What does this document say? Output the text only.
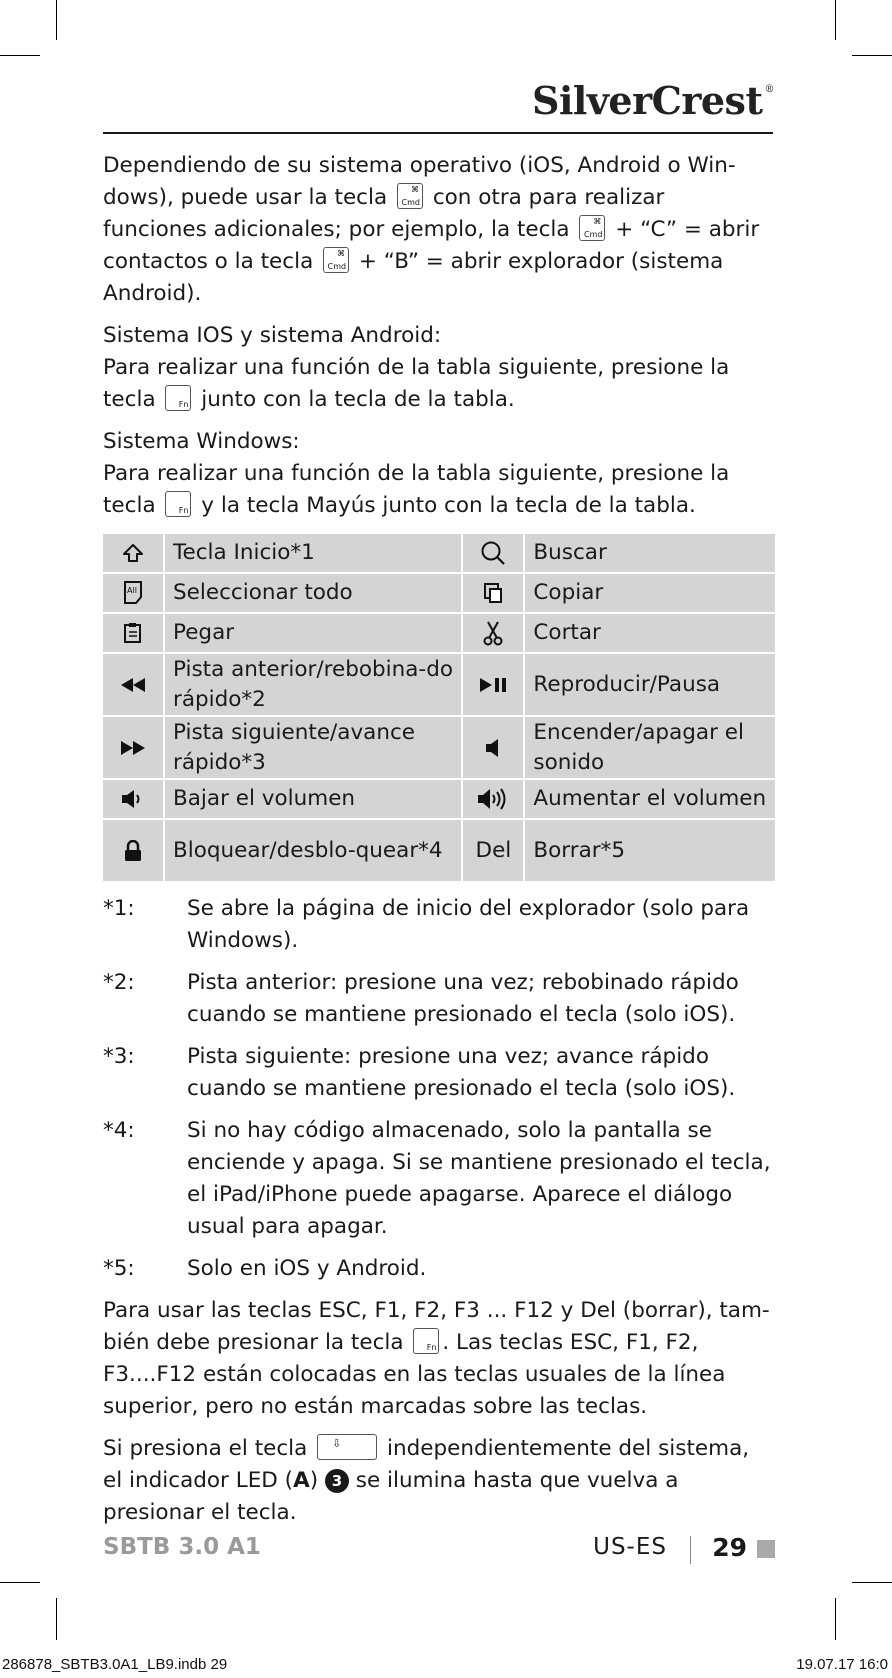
SilverCrest ®

Dependiendo de su sistema operativo (iOS, Android o Win-dows), puede usar la tecla ⌘
Cmd con otra para realizar funciones adicionales; por ejemplo, la tecla ⌘
Cmd + “C” = abrir contactos o la tecla ⌘
Cmd + “B” = abrir explorador (sistema Android).

Sistema IOS y sistema Android:
Para realizar una función de la tabla siguiente, presione la tecla Fn junto con la tecla de la tabla.

Sistema Windows:
Para realizar una función de la tabla siguiente, presione la tecla Fn y la tecla Mayús junto con la tecla de la tabla.

	Tecla Inicio*1		Buscar

All	Seleccionar todo		Copiar

	Pegar		Cortar

	Pista anterior/rebobina-do rápido*2		Reproducir/Pausa

	Pista siguiente/avance rápido*3		Encender/apagar el sonido

	Bajar el volumen		Aumentar el volumen

	Bloquear/desblo-quear*4	Del	Borrar*5
*1:	Se abre la página de inicio del explorador (solo para Windows).
*2:	Pista anterior: presione una vez; rebobinado rápido cuando se mantiene presionado el tecla (solo iOS).
*3:	Pista siguiente: presione una vez; avance rápido cuando se mantiene presionado el tecla (solo iOS).
*4:	Si no hay código almacenado, solo la pantalla se enciende y apaga. Si se mantiene presionado el tecla, el iPad/iPhone puede apagarse. Aparece el diálogo usual para apagar.
*5:	Solo en iOS y Android.

Para usar las teclas ESC, F1, F2, F3 ... F12 y Del (borrar), tam-bién debe presionar la tecla Fn . Las teclas ESC, F1, F2, F3....F12 están colocadas en las teclas usuales de la línea superior, pero no están marcadas sobre las teclas.

Si presiona el tecla ⇩ independientemente del sistema, el indicador LED (A) 3 se ilumina hasta que vuelva a presionar el tecla.

SBTB 3.0 A1	US-ES 29
286878_SBTB3.0A1_LB9.indb 29	19.07.17 16:0
